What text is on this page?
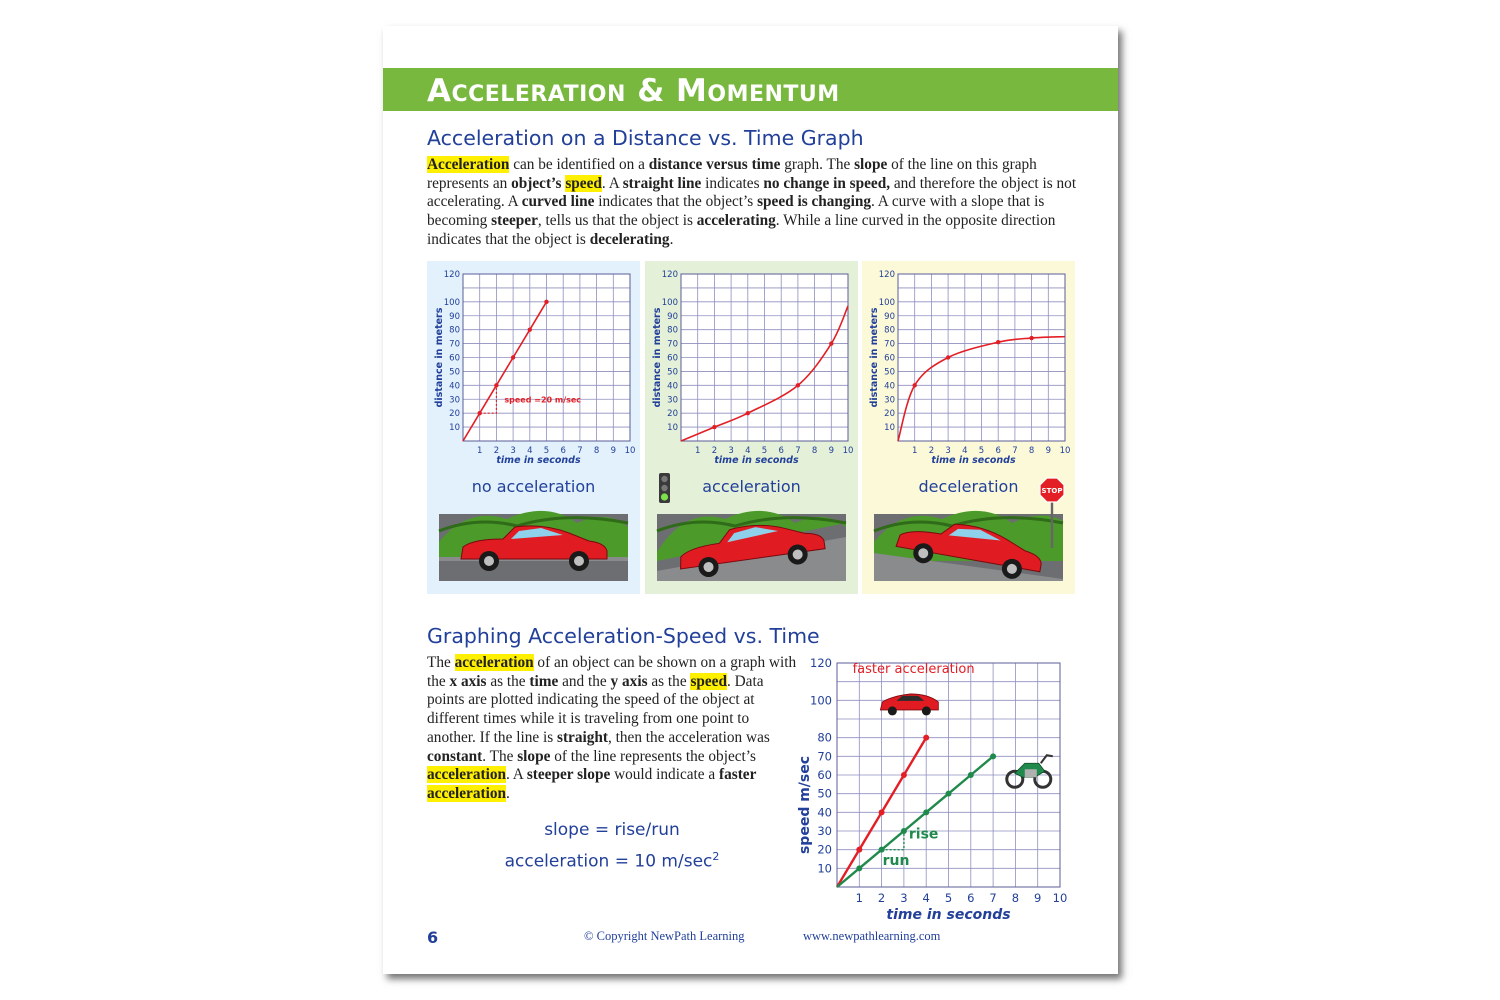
Acceleration & Momentum
Acceleration on a Distance vs. Time Graph

Acceleration can be identified on a distance versus time graph. The slope of the line on this graph represents an object’s speed. A straight line indicates no change in speed, and therefore the object is not accelerating. A curved line indicates that the object’s speed is changing. A curve with a slope that is becoming steeper, tells us that the object is accelerating. While a line curved in the opposite direction indicates that the object is decelerating.

10
20
30
40
50
60
70
80
90
100
120
1 2 3 4 5 6 7 8 9 10
time in seconds
distance in meters	speed =20 m/sec
no acceleration
10
20
30
40
50
60
70
80
90
100
120
1 2 3 4 5 6 7 8 9 10
time in seconds
distance in meters
acceleration
10
20
30
40
50
60
70
80
90
100
120
1 2 3 4 5 6 7 8 9 10
time in seconds
distance in meters
STOP
deceleration
Graphing Acceleration-Speed vs. Time

The acceleration of an object can be shown on a graph with the x axis as the time and the y axis as the speed. Data points are plotted indicating the speed of the object at different times while it is traveling from one point to another. If the line is straight, then the acceleration was constant. The slope of the line represents the object’s acceleration. A steeper slope would indicate a faster acceleration.

slope = rise/run
acceleration = 10 $m/\sec^2$
10
20
30
40
50
60
70
80
100
120
1 2 3 4 5 6 7 8 9 10
time in seconds
speed m/sec	rise
run
faster acceleration
6	© Copyright NewPath Learning	www.newpathlearning.com
